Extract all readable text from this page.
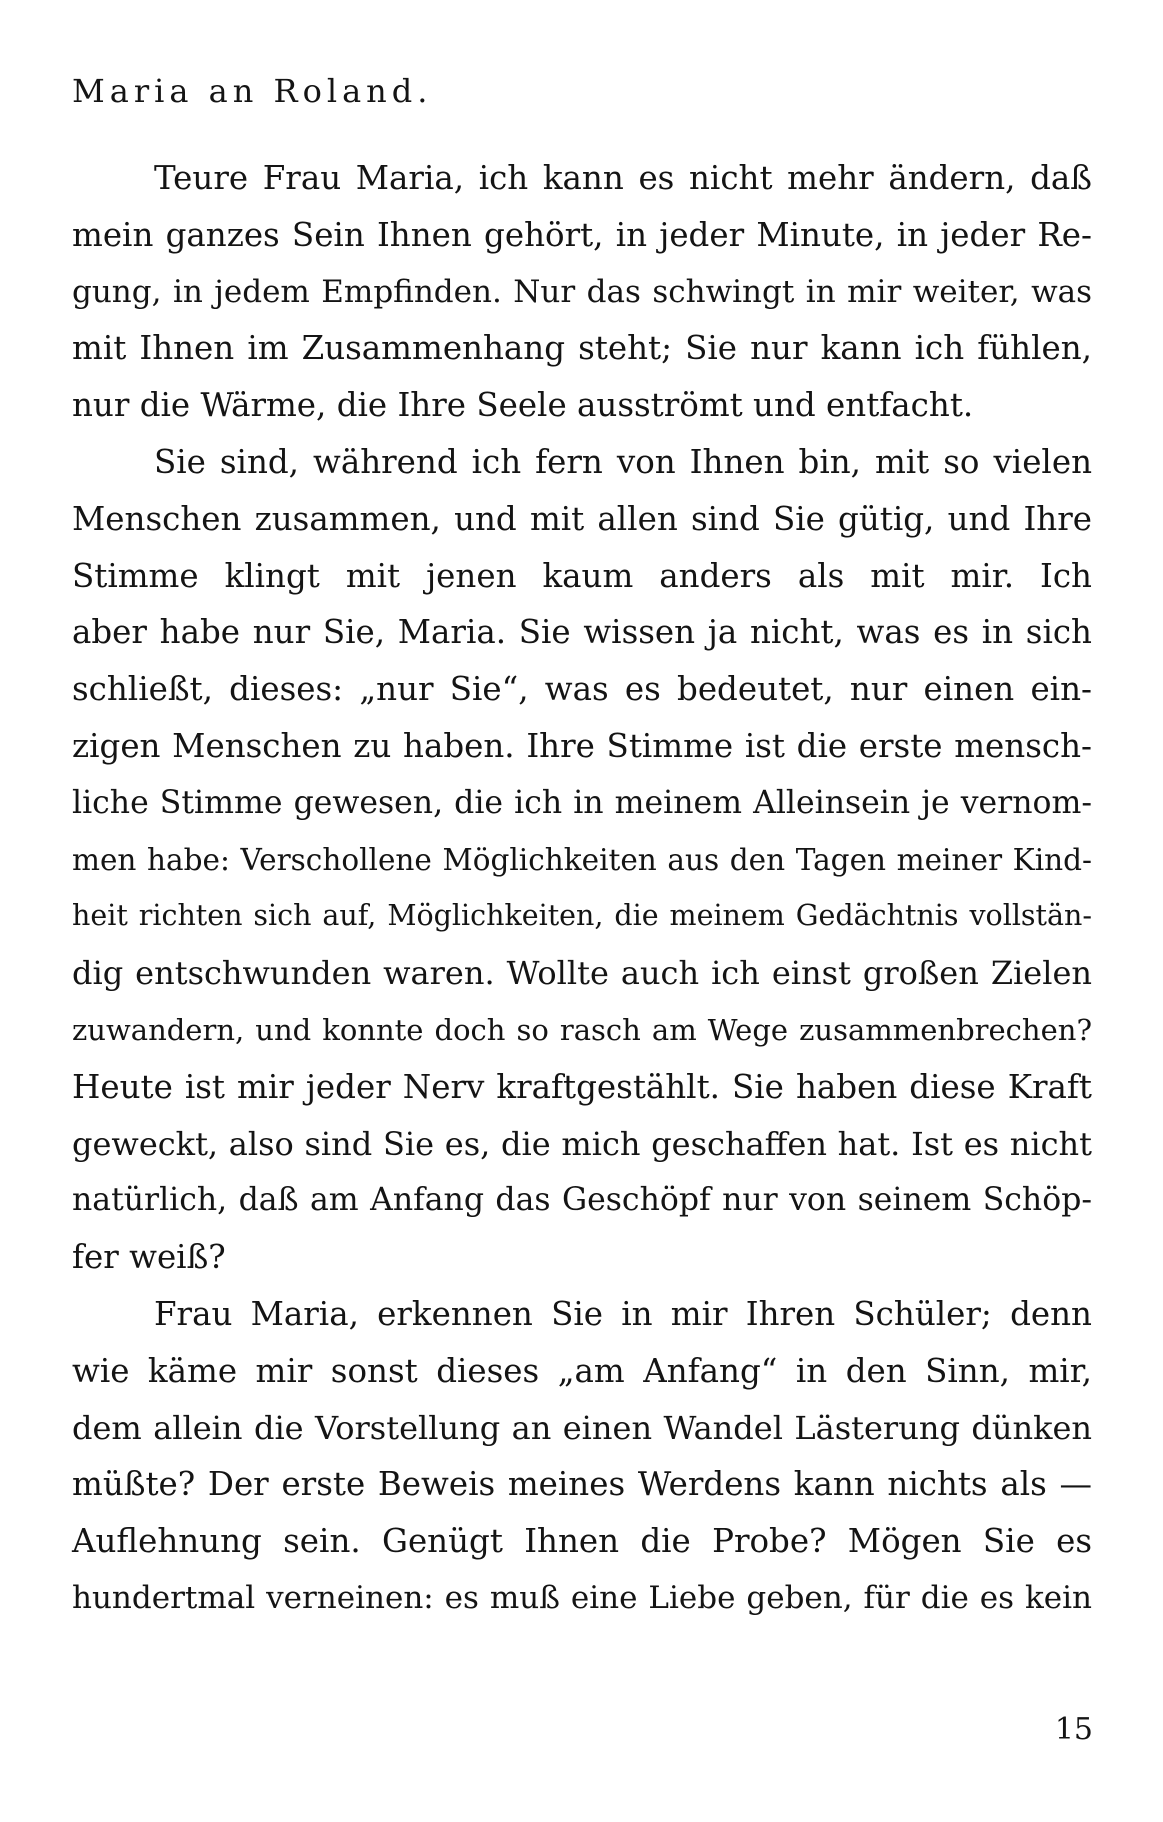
Maria an Roland.
Teure Frau Maria, ich kann es nicht mehr ändern, daß
mein ganzes Sein Ihnen gehört, in jeder Minute, in jeder Re-
gung, in jedem Empfinden. Nur das schwingt in mir weiter, was
mit Ihnen im Zusammenhang steht; Sie nur kann ich fühlen,
nur die Wärme, die Ihre Seele ausströmt und entfacht.
Sie sind, während ich fern von Ihnen bin, mit so vielen
Menschen zusammen, und mit allen sind Sie gütig, und Ihre
Stimme klingt mit jenen kaum anders als mit mir. Ich
aber habe nur Sie, Maria. Sie wissen ja nicht, was es in sich
schließt, dieses: „nur Sie“, was es bedeutet, nur einen ein-
zigen Menschen zu haben. Ihre Stimme ist die erste mensch-
liche Stimme gewesen, die ich in meinem Alleinsein je vernom-
men habe: Verschollene Möglichkeiten aus den Tagen meiner Kind-
heit richten sich auf, Möglichkeiten, die meinem Gedächtnis vollstän-
dig entschwunden waren. Wollte auch ich einst großen Zielen
zuwandern, und konnte doch so rasch am Wege zusammenbrechen?
Heute ist mir jeder Nerv kraftgestählt. Sie haben diese Kraft
geweckt, also sind Sie es, die mich geschaffen hat. Ist es nicht
natürlich, daß am Anfang das Geschöpf nur von seinem Schöp-
fer weiß?
Frau Maria, erkennen Sie in mir Ihren Schüler; denn
wie käme mir sonst dieses „am Anfang“ in den Sinn, mir,
dem allein die Vorstellung an einen Wandel Lästerung dünken
müßte? Der erste Beweis meines Werdens kann nichts als —
Auflehnung sein. Genügt Ihnen die Probe? Mögen Sie es
hundertmal verneinen: es muß eine Liebe geben, für die es kein
15
